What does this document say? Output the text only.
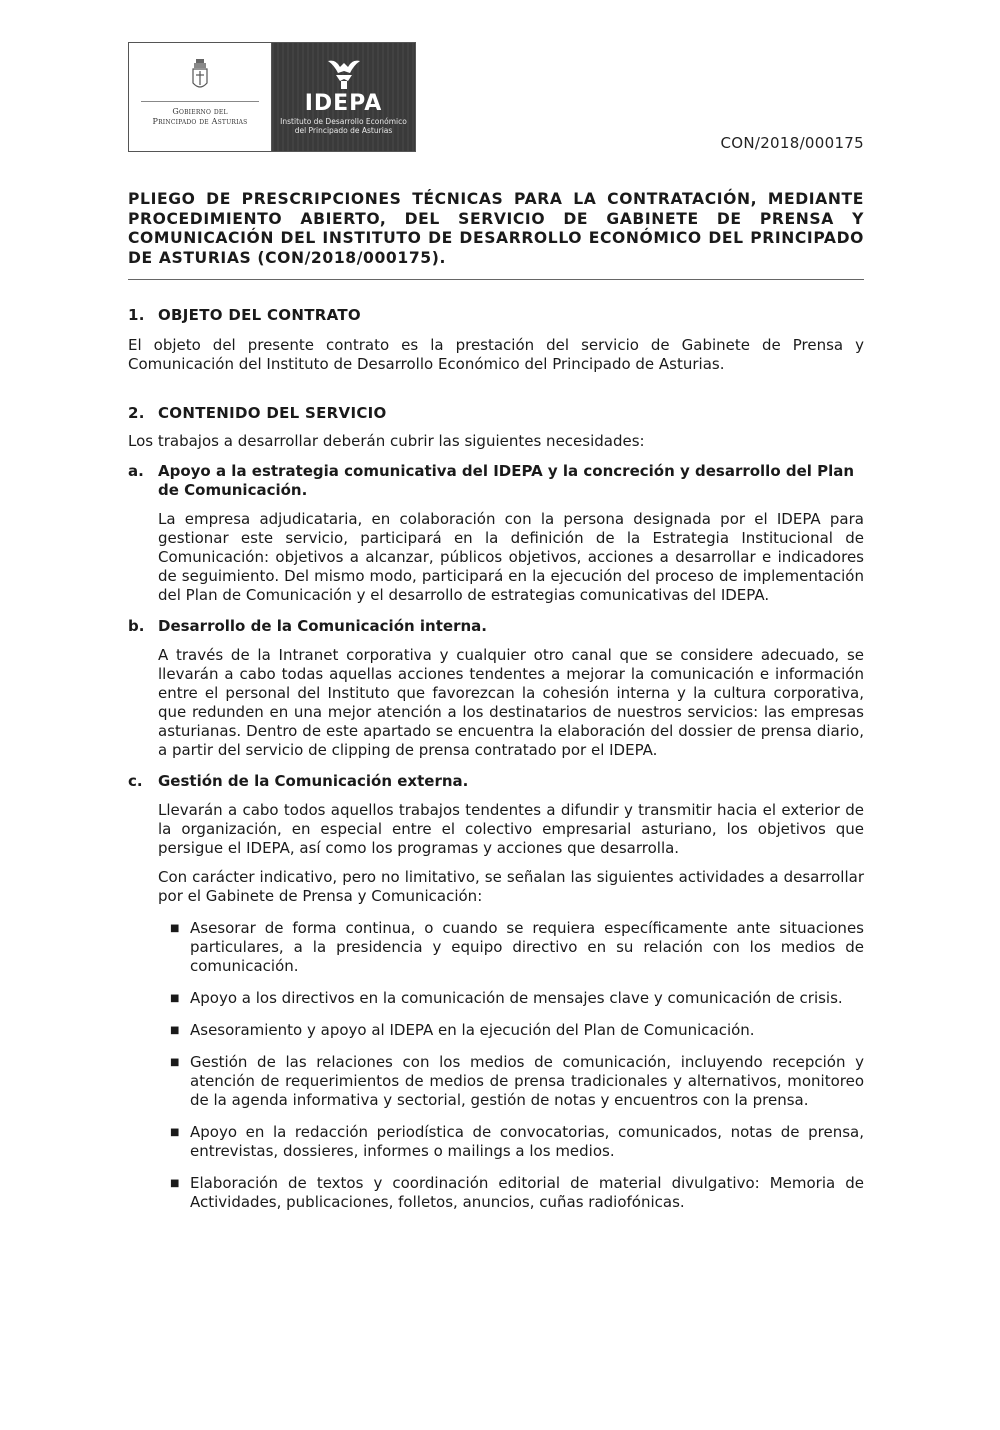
Gobierno del
Principado de Asturias
IDEPA
Instituto de Desarrollo Económico
del Principado de Asturias
CON/2018/000175
PLIEGO DE PRESCRIPCIONES TÉCNICAS PARA LA CONTRATACIÓN, MEDIANTE PROCEDIMIENTO ABIERTO, DEL SERVICIO DE GABINETE DE PRENSA Y COMUNICACIÓN DEL INSTITUTO DE DESARROLLO ECONÓMICO DEL PRINCIPADO DE ASTURIAS (CON/2018/000175).
1. OBJETO DEL CONTRATO
El objeto del presente contrato es la prestación del servicio de Gabinete de Prensa y Comunicación del Instituto de Desarrollo Económico del Principado de Asturias.
2. CONTENIDO DEL SERVICIO
Los trabajos a desarrollar deberán cubrir las siguientes necesidades:
a. Apoyo a la estrategia comunicativa del IDEPA y la concreción y desarrollo del Plan de Comunicación.
La empresa adjudicataria, en colaboración con la persona designada por el IDEPA para gestionar este servicio, participará en la definición de la Estrategia Institucional de Comunicación: objetivos a alcanzar, públicos objetivos, acciones a desarrollar e indicadores de seguimiento. Del mismo modo, participará en la ejecución del proceso de implementación del Plan de Comunicación y el desarrollo de estrategias comunicativas del IDEPA.
b. Desarrollo de la Comunicación interna.
A través de la Intranet corporativa y cualquier otro canal que se considere adecuado, se llevarán a cabo todas aquellas acciones tendentes a mejorar la comunicación e información entre el personal del Instituto que favorezcan la cohesión interna y la cultura corporativa, que redunden en una mejor atención a los destinatarios de nuestros servicios: las empresas asturianas. Dentro de este apartado se encuentra la elaboración del dossier de prensa diario, a partir del servicio de clipping de prensa contratado por el IDEPA.
c.	Gestión de la Comunicación externa.
Llevarán a cabo todos aquellos trabajos tendentes a difundir y transmitir hacia el exterior de la organización, en especial entre el colectivo empresarial asturiano, los objetivos que persigue el IDEPA, así como los programas y acciones que desarrolla.
Con carácter indicativo, pero no limitativo, se señalan las siguientes actividades a desarrollar por el Gabinete de Prensa y Comunicación:
■ Asesorar de forma continua, o cuando se requiera específicamente ante situaciones particulares, a la presidencia y equipo directivo en su relación con los medios de comunicación.
■ Apoyo a los directivos en la comunicación de mensajes clave y comunicación de crisis.
■ Asesoramiento y apoyo al IDEPA en la ejecución del Plan de Comunicación.
■ Gestión de las relaciones con los medios de comunicación, incluyendo recepción y atención de requerimientos de medios de prensa tradicionales y alternativos, monitoreo de la agenda informativa y sectorial, gestión de notas y encuentros con la prensa.
■ Apoyo en la redacción periodística de convocatorias, comunicados, notas de prensa, entrevistas, dossieres, informes o mailings a los medios.
■ Elaboración de textos y coordinación editorial de material divulgativo: Memoria de Actividades, publicaciones, folletos, anuncios, cuñas radiofónicas.
